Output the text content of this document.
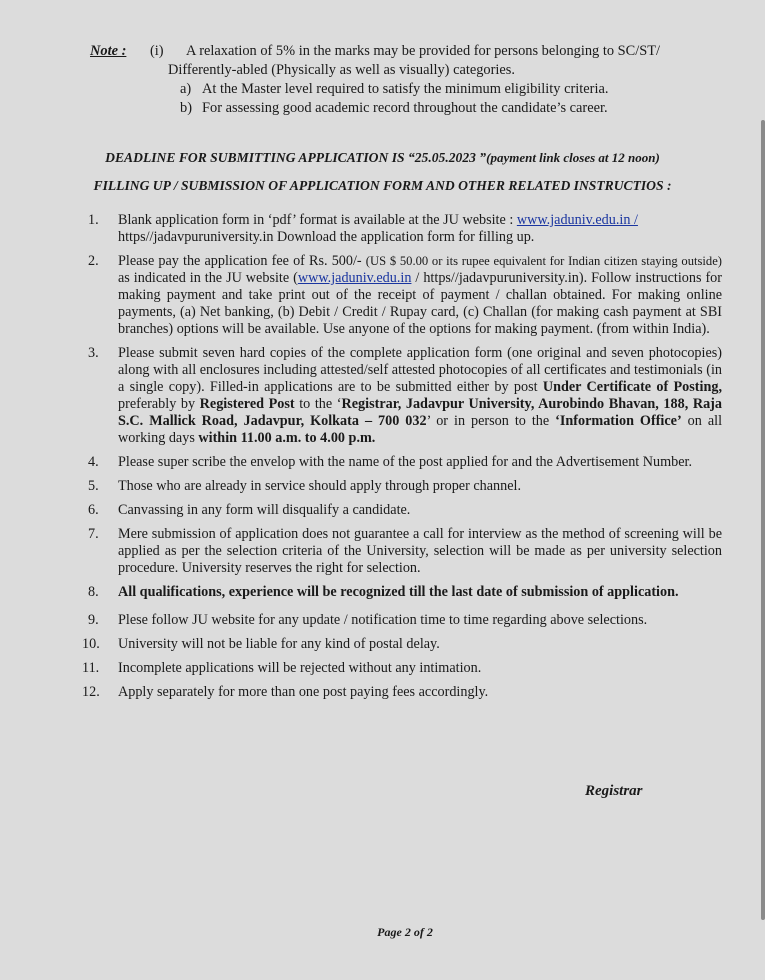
Note :	(i)	A relaxation of 5% in the marks may be provided for persons belonging to SC/ST/
Differently-abled (Physically as well as visually) categories.
a) At the Master level required to satisfy the minimum eligibility criteria.
b) For assessing good academic record throughout the candidate’s career.
DEADLINE FOR SUBMITTING APPLICATION IS “25.05.2023 ”(payment link closes at 12 noon)
FILLING UP / SUBMISSION OF APPLICATION FORM AND OTHER RELATED INSTRUCTIOS :
1.	Blank application form in ‘pdf’ format is available at the JU website : www.jaduniv.edu.in /
https//jadavpuruniversity.in Download the application form for filling up.
2.	Please pay the application fee of Rs. 500/- (US $ 50.00 or its rupee equivalent for Indian citizen staying outside) as indicated in the JU website (www.jaduniv.edu.in / https//jadavpuruniversity.in). Follow instructions for making payment and take print out of the receipt of payment / challan obtained. For making online payments, (a) Net banking, (b) Debit / Credit / Rupay card, (c) Challan (for making cash payment at SBI branches) options will be available. Use anyone of the options for making payment. (from within India).
3.	Please submit seven hard copies of the complete application form (one original and seven photocopies) along with all enclosures including attested/self attested photocopies of all certificates and testimonials (in a single copy). Filled-in applications are to be submitted either by post Under Certificate of Posting, preferably by Registered Post to the ‘Registrar, Jadavpur University, Aurobindo Bhavan, 188, Raja S.C. Mallick Road, Jadavpur, Kolkata – 700 032’ or in person to the ‘Information Office’ on all working days within 11.00 a.m. to 4.00 p.m.
4.	Please super scribe the envelop with the name of the post applied for and the Advertisement Number.
5.	Those who are already in service should apply through proper channel.
6.	Canvassing in any form will disqualify a candidate.
7.	Mere submission of application does not guarantee a call for interview as the method of screening will be applied as per the selection criteria of the University, selection will be made as per university selection procedure. University reserves the right for selection.
8.	All qualifications, experience will be recognized till the last date of submission of application.
9.	Plese follow JU website for any update / notification time to time regarding above selections.
10.	University will not be liable for any kind of postal delay.
11.	Incomplete applications will be rejected without any intimation.
12.	Apply separately for more than one post paying fees accordingly.
Registrar
Page 2 of 2
